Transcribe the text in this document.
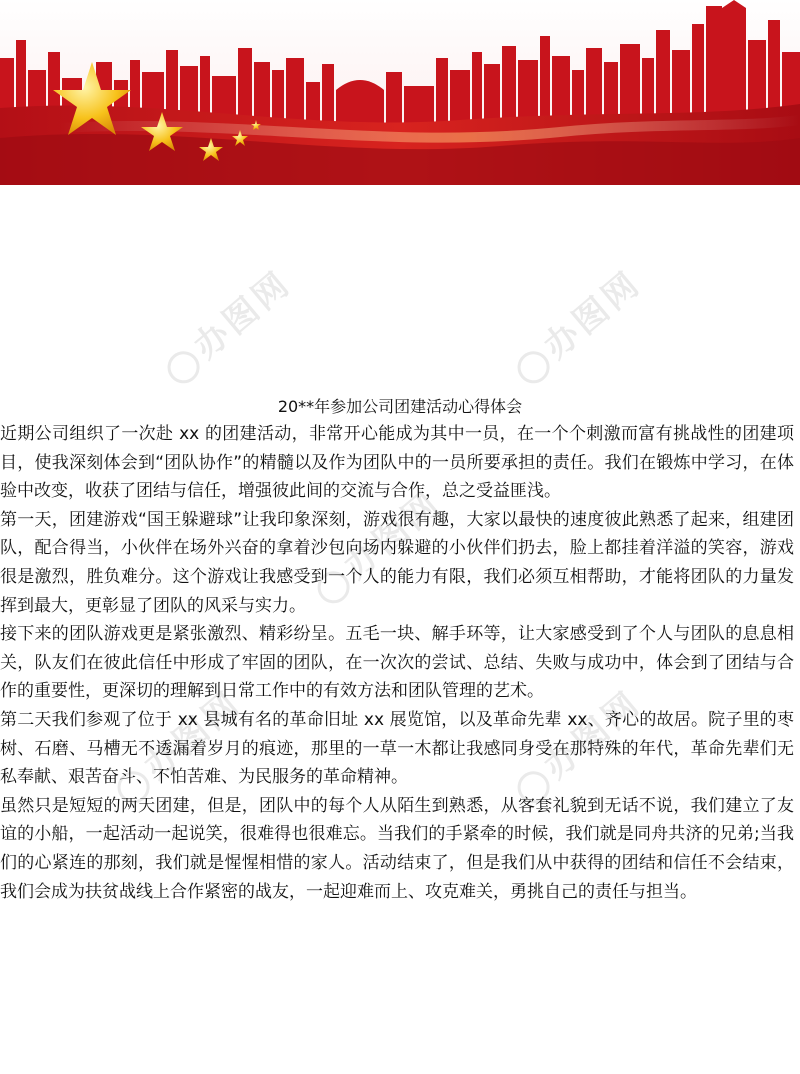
办图网	办图网
办图网
办图网	办图网

20**年参加公司团建活动心得体会

近期公司组织了一次赴 xx 的团建活动，非常开心能成为其中一员，在一个个刺激而富有挑战性的团建项目，使我深刻体会到“团队协作”的精髓以及作为团队中的一员所要承担的责任。我们在锻炼中学习，在体验中改变，收获了团结与信任，增强彼此间的交流与合作，总之受益匪浅。

第一天，团建游戏“国王躲避球”让我印象深刻，游戏很有趣，大家以最快的速度彼此熟悉了起来，组建团队，配合得当，小伙伴在场外兴奋的拿着沙包向场内躲避的小伙伴们扔去，脸上都挂着洋溢的笑容，游戏很是激烈，胜负难分。这个游戏让我感受到一个人的能力有限，我们必须互相帮助，才能将团队的力量发挥到最大，更彰显了团队的风采与实力。

接下来的团队游戏更是紧张激烈、精彩纷呈。五毛一块、解手环等，让大家感受到了个人与团队的息息相关，队友们在彼此信任中形成了牢固的团队，在一次次的尝试、总结、失败与成功中，体会到了团结与合作的重要性，更深切的理解到日常工作中的有效方法和团队管理的艺术。

第二天我们参观了位于 xx 县城有名的革命旧址 xx 展览馆，以及革命先辈 xx、齐心的故居。院子里的枣树、石磨、马槽无不透漏着岁月的痕迹，那里的一草一木都让我感同身受在那特殊的年代，革命先辈们无私奉献、艰苦奋斗、不怕苦难、为民服务的革命精神。

虽然只是短短的两天团建，但是，团队中的每个人从陌生到熟悉，从客套礼貌到无话不说，我们建立了友谊的小船，一起活动一起说笑，很难得也很难忘。当我们的手紧牵的时候，我们就是同舟共济的兄弟;当我们的心紧连的那刻，我们就是惺惺相惜的家人。活动结束了，但是我们从中获得的团结和信任不会结束，我们会成为扶贫战线上合作紧密的战友，一起迎难而上、攻克难关，勇挑自己的责任与担当。
